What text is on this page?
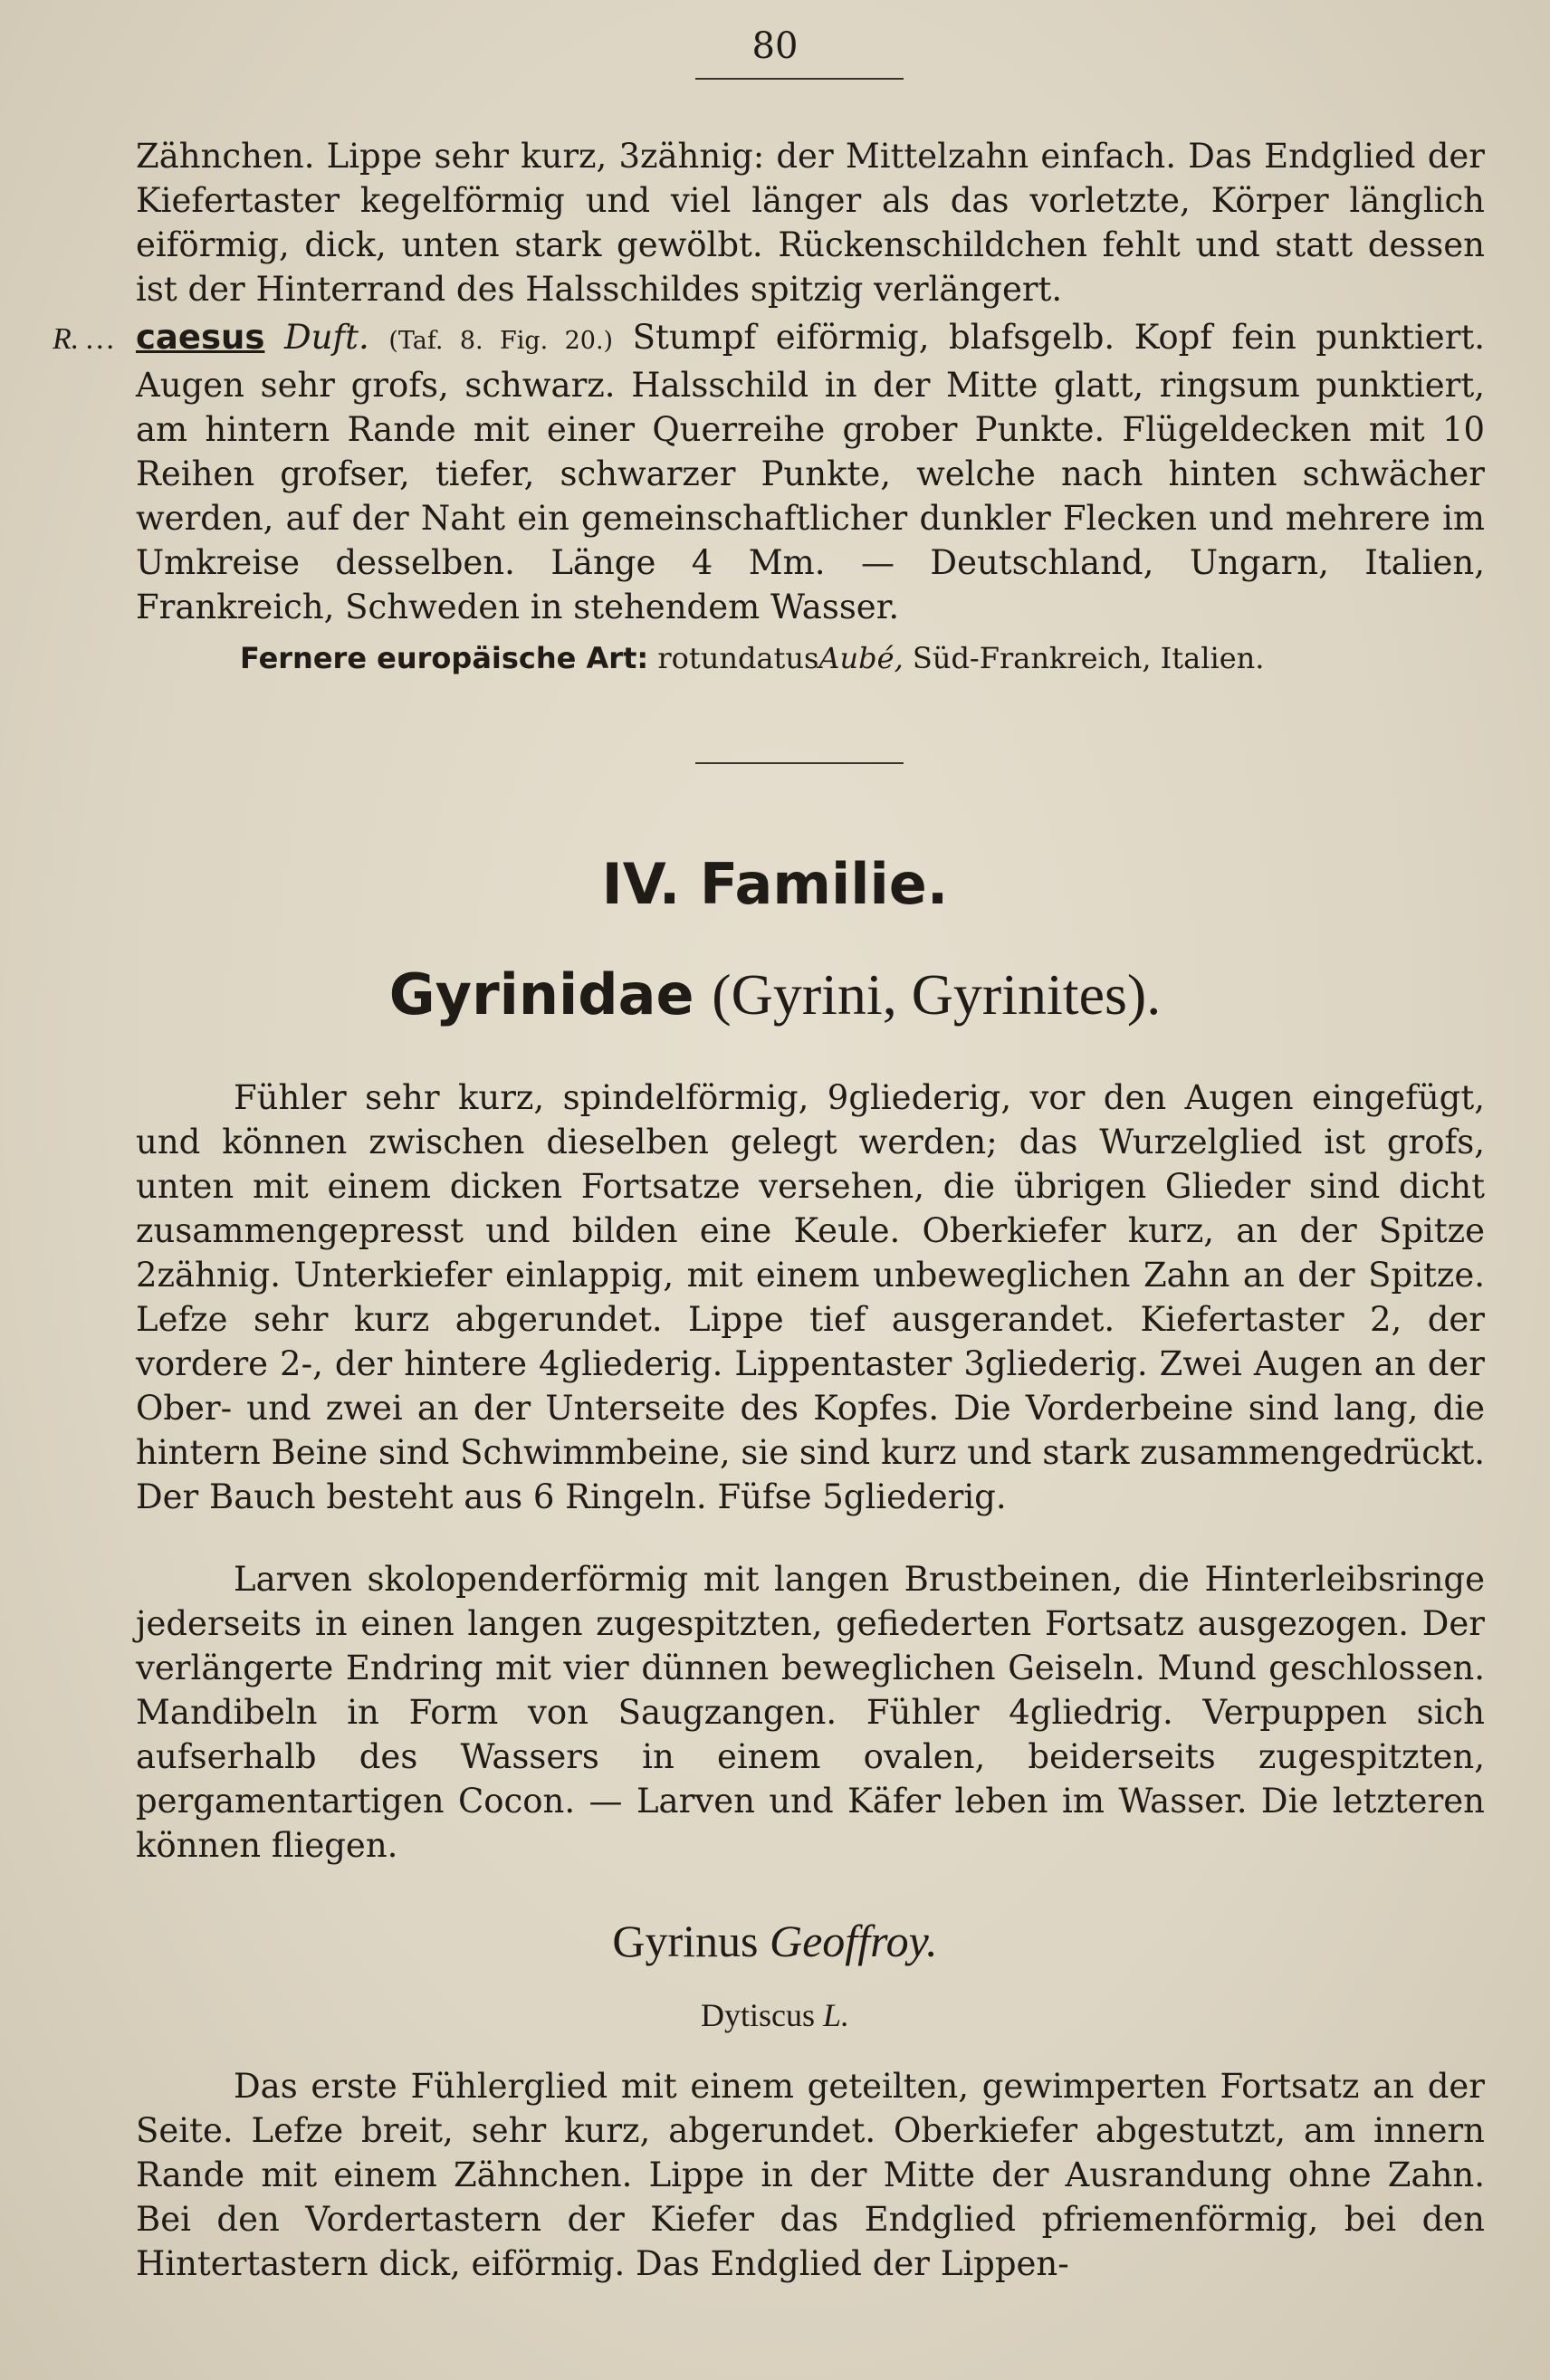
80

Zähnchen. Lippe sehr kurz, 3zähnig: der Mittelzahn einfach. Das Endglied der Kiefertaster kegelförmig und viel länger als das vorletzte, Körper länglich eiförmig, dick, unten stark gewölbt. Rückenschildchen fehlt und statt dessen ist der Hinterrand des Halsschildes spitzig verlängert.

R. … caesus Duft. (Taf. 8. Fig. 20.) Stumpf eiförmig, blafsgelb. Kopf fein punktiert. Augen sehr grofs, schwarz. Halsschild in der Mitte glatt, ringsum punktiert, am hintern Rande mit einer Querreihe grober Punkte. Flügeldecken mit 10 Reihen grofser, tiefer, schwarzer Punkte, welche nach hinten schwächer werden, auf der Naht ein gemeinschaftlicher dunkler Flecken und mehrere im Umkreise desselben. Länge 4 Mm. — Deutschland, Ungarn, Italien, Frankreich, Schweden in stehendem Wasser.

Fernere europäische Art: rotundatusAubé, Süd-Frankreich, Italien.

IV. Familie.
Gyrinidae (Gyrini, Gyrinites).

Fühler sehr kurz, spindelförmig, 9gliederig, vor den Augen eingefügt, und können zwischen dieselben gelegt werden; das Wurzelglied ist grofs, unten mit einem dicken Fortsatze versehen, die übrigen Glieder sind dicht zusammengepresst und bilden eine Keule. Oberkiefer kurz, an der Spitze 2zähnig. Unterkiefer einlappig, mit einem unbeweglichen Zahn an der Spitze. Lefze sehr kurz abgerundet. Lippe tief ausgerandet. Kiefertaster 2, der vordere 2-, der hintere 4gliederig. Lippentaster 3gliederig. Zwei Augen an der Ober- und zwei an der Unterseite des Kopfes. Die Vorderbeine sind lang, die hintern Beine sind Schwimmbeine, sie sind kurz und stark zusammengedrückt. Der Bauch besteht aus 6 Ringeln. Füfse 5gliederig.

Larven skolopenderförmig mit langen Brustbeinen, die Hinterleibsringe jederseits in einen langen zugespitzten, gefiederten Fortsatz ausgezogen. Der verlängerte Endring mit vier dünnen beweglichen Geiseln. Mund geschlossen. Mandibeln in Form von Saugzangen. Fühler 4gliedrig. Verpuppen sich aufserhalb des Wassers in einem ovalen, beiderseits zugespitzten, pergamentartigen Cocon. — Larven und Käfer leben im Wasser. Die letzteren können fliegen.

Gyrinus Geoffroy.
Dytiscus L.

Das erste Fühlerglied mit einem geteilten, gewimperten Fortsatz an der Seite. Lefze breit, sehr kurz, abgerundet. Oberkiefer abgestutzt, am innern Rande mit einem Zähnchen. Lippe in der Mitte der Ausrandung ohne Zahn. Bei den Vordertastern der Kiefer das Endglied pfriemenförmig, bei den Hintertastern dick, eiförmig. Das Endglied der Lippen-
